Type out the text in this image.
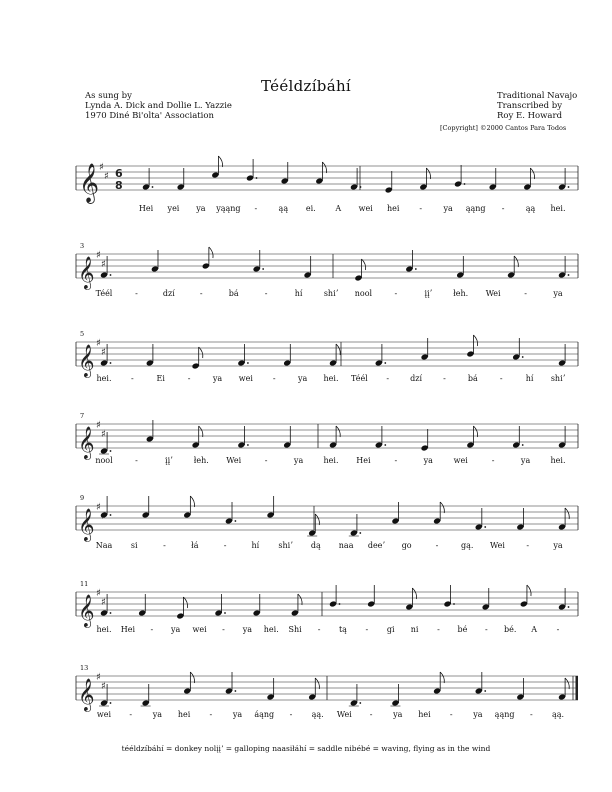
Tééldzíbáhí
As sung by
Lynda A. Dick and Dollie L. Yazzie
1970 Diné Bi'olta' Association
Traditional Navajo
Transcribed by
Roy E. Howard
[Copyright] ©2000 Cantos Para Todos
𝄞 ♯
♯ 6
8
Hei yei ya yąąng -	ąą ei. A wei hei -	ya ąąng -	ąą hei.
𝄞
♯
♯
3
Téél	-	dzí	-	bá	-	hí	shiʼ nool	-	įįʼ	łeh. Wei	-	ya
𝄞
♯
♯
5
hei. -	Ei	-	ya wei -	ya hei. Téél -	dzí	-	bá	-	hí shiʼ
𝄞
♯
♯
7
nool	-	įįʼ	łeh. Wei	-	ya	hei. Hei	-	ya	wei	-	ya	hei.
𝄞
♯
9
Naa si	-	łá	-	hí shiʼ dą naa deeʼ go	-	gą. Wei	-	ya
𝄞
♯
♯
11
hei. Hei - ya wei - ya hei. Shi - tą - gi ni - bé - bé. A -
𝄞
♯
♯
13
wei -	ya hei -	ya áąng - ąą. Wei -	ya hei -	ya ąąng - ąą.
tééldzíbáhí = donkey nolįįʼ = galloping naasiłáhí = saddle nibébé = waving, flying as in the wind
